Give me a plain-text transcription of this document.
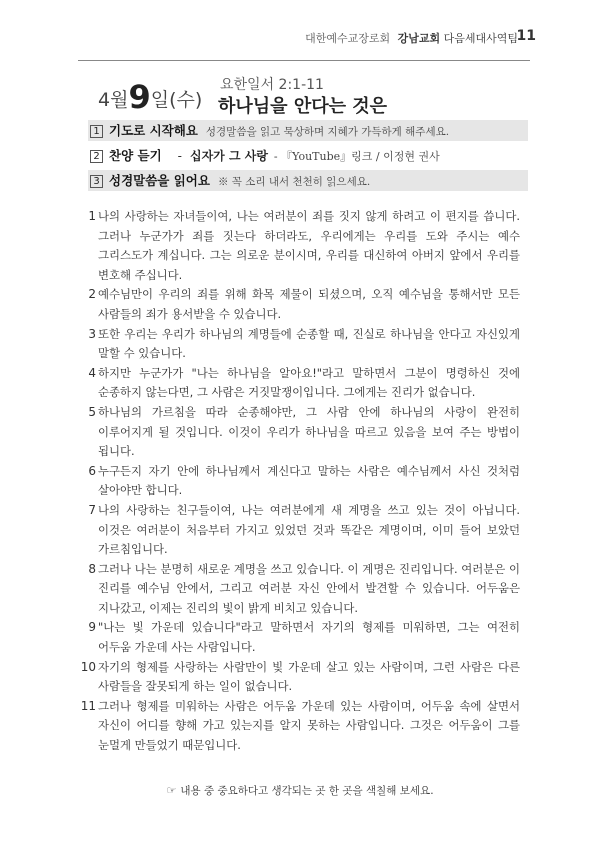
대한예수교장로회 강남교회 다음세대사역팀
11
4월9일(수)
요한일서 2:1-11
하나님을 안다는 것은
1 기도로 시작해요 성경말씀을 읽고 묵상하며 지혜가 가득하게 해주세요.
2 찬양 듣기 - 십자가 그 사랑 - 『YouTube』링크 / 이정현 권사
3 성경말씀을 읽어요 ※ 꼭 소리 내서 천천히 읽으세요.
1 나의 사랑하는 자녀들이여, 나는 여러분이 죄를 짓지 않게 하려고 이 편지를 씁니다. 그러나 누군가가 죄를 짓는다 하더라도, 우리에게는 우리를 도와 주시는 예수 그리스도가 계십니다. 그는 의로운 분이시며, 우리를 대신하여 아버지 앞에서 우리를 변호해 주십니다.
2 예수님만이 우리의 죄를 위해 화목 제물이 되셨으며, 오직 예수님을 통해서만 모든 사람들의 죄가 용서받을 수 있습니다.
3 또한 우리는 우리가 하나님의 계명들에 순종할 때, 진실로 하나님을 안다고 자신있게 말할 수 있습니다.
4 하지만 누군가가 "나는 하나님을 알아요!"라고 말하면서 그분이 명령하신 것에 순종하지 않는다면, 그 사람은 거짓말쟁이입니다. 그에게는 진리가 없습니다.
5 하나님의 가르침을 따라 순종해야만, 그 사람 안에 하나님의 사랑이 완전히 이루어지게 될 것입니다. 이것이 우리가 하나님을 따르고 있음을 보여 주는 방법이 됩니다.
6 누구든지 자기 안에 하나님께서 계신다고 말하는 사람은 예수님께서 사신 것처럼 살아야만 합니다.
7 나의 사랑하는 친구들이여, 나는 여러분에게 새 계명을 쓰고 있는 것이 아닙니다. 이것은 여러분이 처음부터 가지고 있었던 것과 똑같은 계명이며, 이미 들어 보았던 가르침입니다.
8 그러나 나는 분명히 새로운 계명을 쓰고 있습니다. 이 계명은 진리입니다. 여러분은 이 진리를 예수님 안에서, 그리고 여러분 자신 안에서 발견할 수 있습니다. 어두움은 지나갔고, 이제는 진리의 빛이 밝게 비치고 있습니다.
9 "나는 빛 가운데 있습니다"라고 말하면서 자기의 형제를 미워하면, 그는 여전히 어두움 가운데 사는 사람입니다.
10 자기의 형제를 사랑하는 사람만이 빛 가운데 살고 있는 사람이며, 그런 사람은 다른 사람들을 잘못되게 하는 일이 없습니다.
11 그러나 형제를 미워하는 사람은 어두움 가운데 있는 사람이며, 어두움 속에 살면서 자신이 어디를 향해 가고 있는지를 알지 못하는 사람입니다. 그것은 어두움이 그를 눈멀게 만들었기 때문입니다.
☞ 내용 중 중요하다고 생각되는 곳 한 곳을 색칠해 보세요.
